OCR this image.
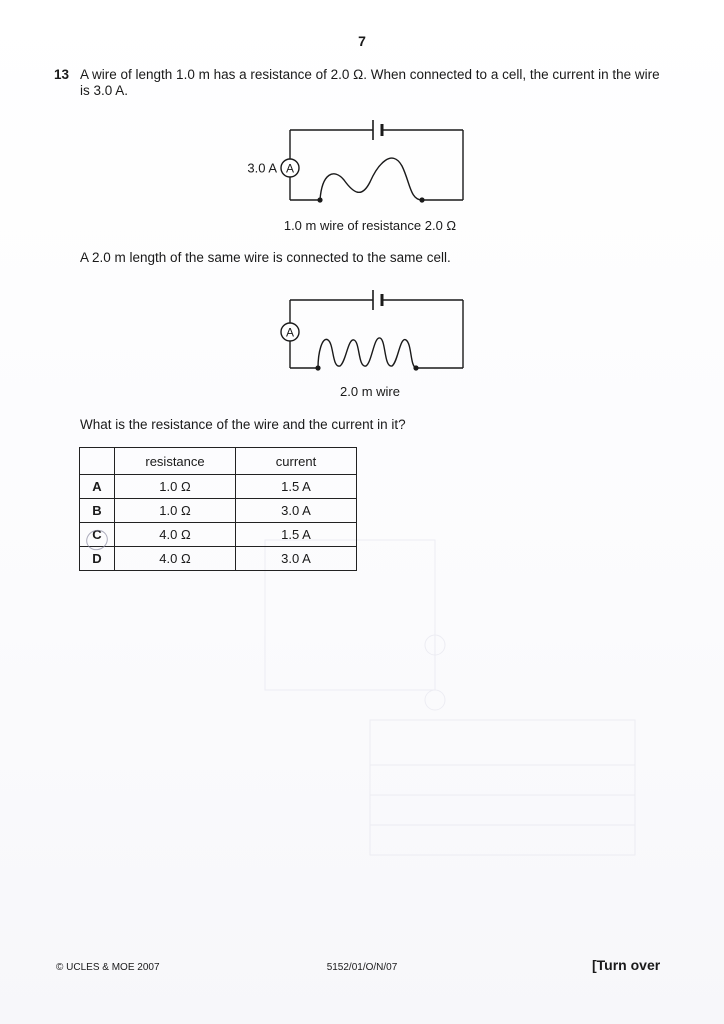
7
13 A wire of length 1.0 m has a resistance of 2.0 Ω. When connected to a cell, the current in the wire is 3.0 A.
A
3.0 A
1.0 m wire of resistance 2.0 Ω
A 2.0 m length of the same wire is connected to the same cell.
A
2.0 m wire
What is the resistance of the wire and the current in it?
	resistance	current
A	1.0 Ω	1.5 A
B	1.0 Ω	3.0 A
C	4.0 Ω	1.5 A
D	4.0 Ω	3.0 A
© UCLES & MOE 2007	5152/01/O/N/07	[Turn over
